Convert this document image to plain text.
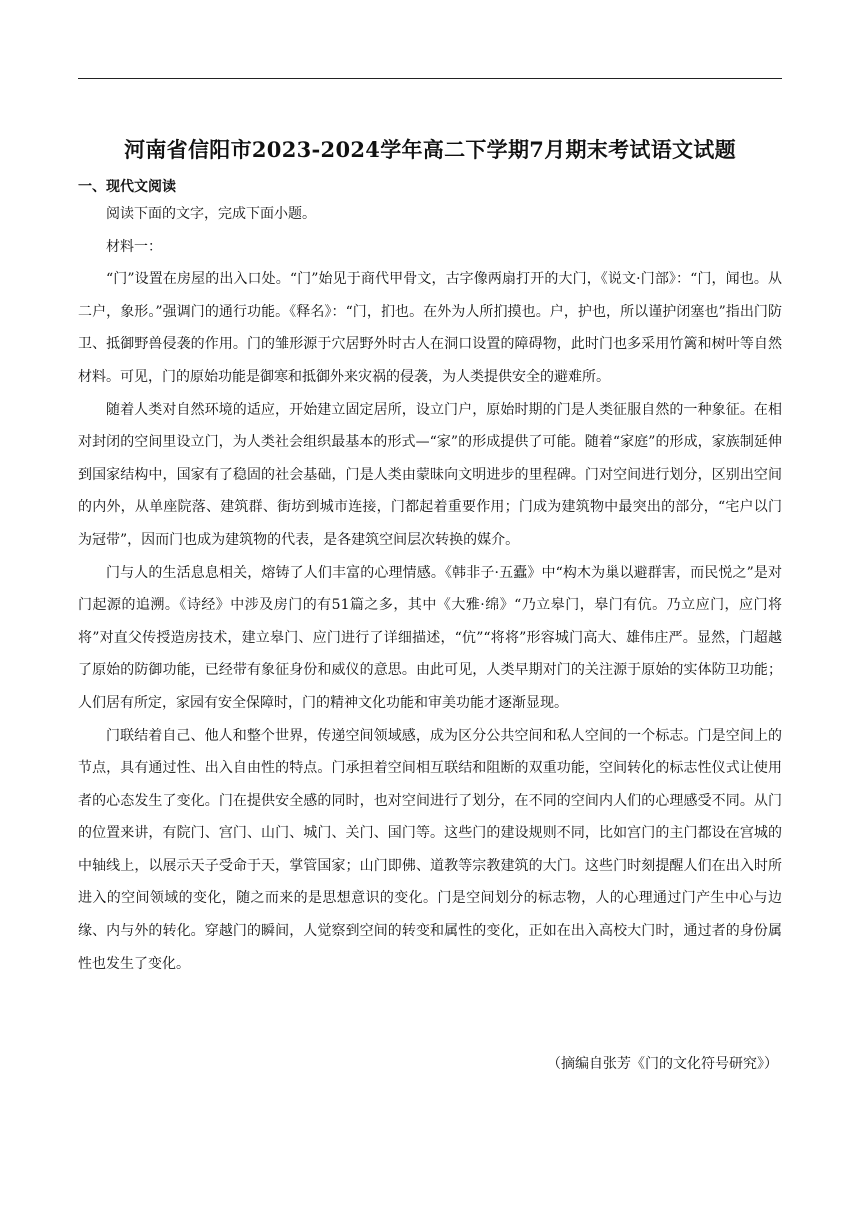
河南省信阳市2023-2024学年高二下学期7月期末考试语文试题
一、现代文阅读

阅读下面的文字，完成下面小题。

材料一：

“门”设置在房屋的出入口处。“门”始见于商代甲骨文，古字像两扇打开的大门，《说文·门部》：“门，闻也。从二户，象形。”强调门的通行功能。《释名》：“门，扪也。在外为人所扪摸也。户，护也，所以谨护闭塞也”指出门防卫、抵御野兽侵袭的作用。门的雏形源于穴居野外时古人在洞口设置的障碍物，此时门也多采用竹篱和树叶等自然材料。可见，门的原始功能是御寒和抵御外来灾祸的侵袭，为人类提供安全的避难所。

随着人类对自然环境的适应，开始建立固定居所，设立门户，原始时期的门是人类征服自然的一种象征。在相对封闭的空间里设立门，为人类社会组织最基本的形式—“家”的形成提供了可能。随着“家庭”的形成，家族制延伸到国家结构中，国家有了稳固的社会基础，门是人类由蒙昧向文明进步的里程碑。门对空间进行划分，区别出空间的内外，从单座院落、建筑群、街坊到城市连接，门都起着重要作用；门成为建筑物中最突出的部分，“宅户以门为冠带”，因而门也成为建筑物的代表，是各建筑空间层次转换的媒介。

门与人的生活息息相关，熔铸了人们丰富的心理情感。《韩非子·五蠹》中“构木为巢以避群害，而民悦之”是对门起源的追溯。《诗经》中涉及房门的有51篇之多，其中《大雅·绵》“乃立皋门，皋门有伉。乃立应门，应门将将”对直父传授造房技术，建立皋门、应门进行了详细描述，“伉”“将将”形容城门高大、雄伟庄严。显然，门超越了原始的防御功能，已经带有象征身份和威仪的意思。由此可见，人类早期对门的关注源于原始的实体防卫功能；人们居有所定，家园有安全保障时，门的精神文化功能和审美功能才逐渐显现。

门联结着自己、他人和整个世界，传递空间领域感，成为区分公共空间和私人空间的一个标志。门是空间上的节点，具有通过性、出入自由性的特点。门承担着空间相互联结和阻断的双重功能，空间转化的标志性仪式让使用者的心态发生了变化。门在提供安全感的同时，也对空间进行了划分，在不同的空间内人们的心理感受不同。从门的位置来讲，有院门、宫门、山门、城门、关门、国门等。这些门的建设规则不同，比如宫门的主门都设在宫城的中轴线上，以展示天子受命于天，掌管国家；山门即佛、道教等宗教建筑的大门。这些门时刻提醒人们在出入时所进入的空间领域的变化，随之而来的是思想意识的变化。门是空间划分的标志物，人的心理通过门产生中心与边缘、内与外的转化。穿越门的瞬间，人觉察到空间的转变和属性的变化，正如在出入高校大门时，通过者的身份属性也发生了变化。

（摘编自张芳《门的文化符号研究》）
